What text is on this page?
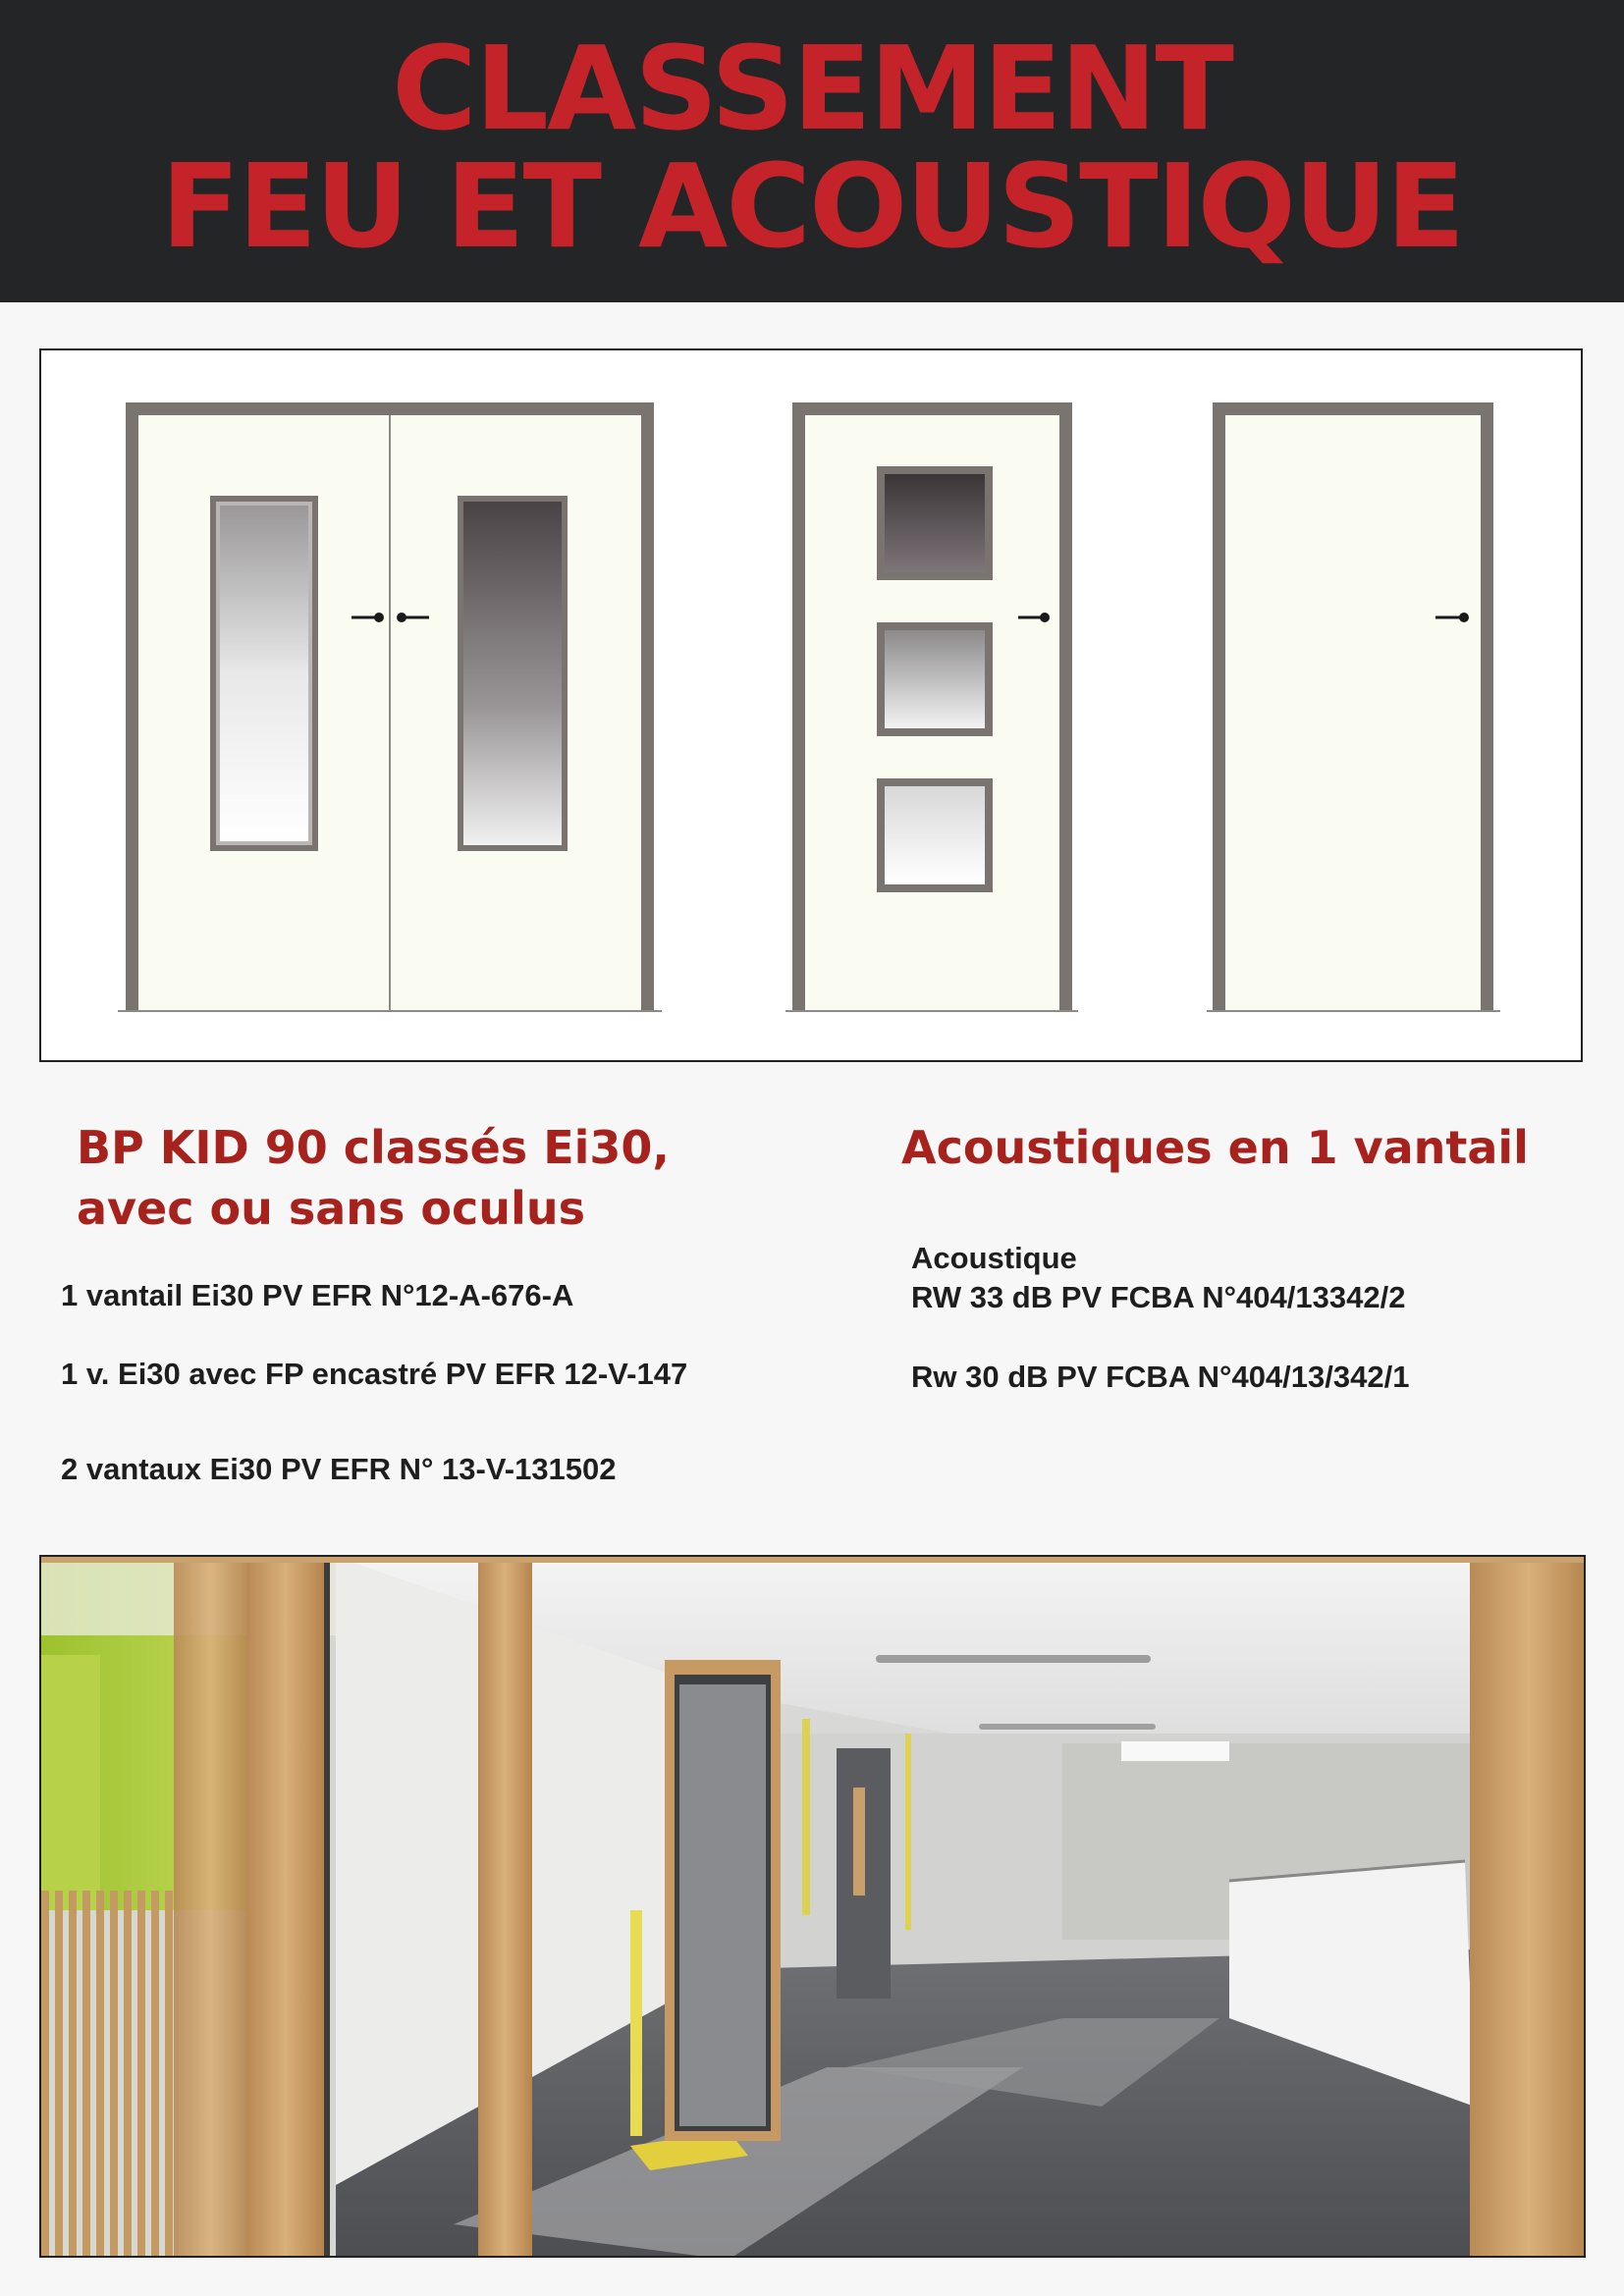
CLASSEMENT
FEU ET ACOUSTIQUE
BP KID 90 classés Ei30,
avec ou sans oculus
Acoustiques en 1 vantail
1 vantail Ei30 PV EFR N°12-A-676-A
1 v. Ei30 avec FP encastré PV EFR 12-V-147
2 vantaux Ei30 PV EFR N° 13-V-131502
Acoustique
RW 33 dB PV FCBA N°404/13342/2
Rw 30 dB PV FCBA N°404/13/342/1
